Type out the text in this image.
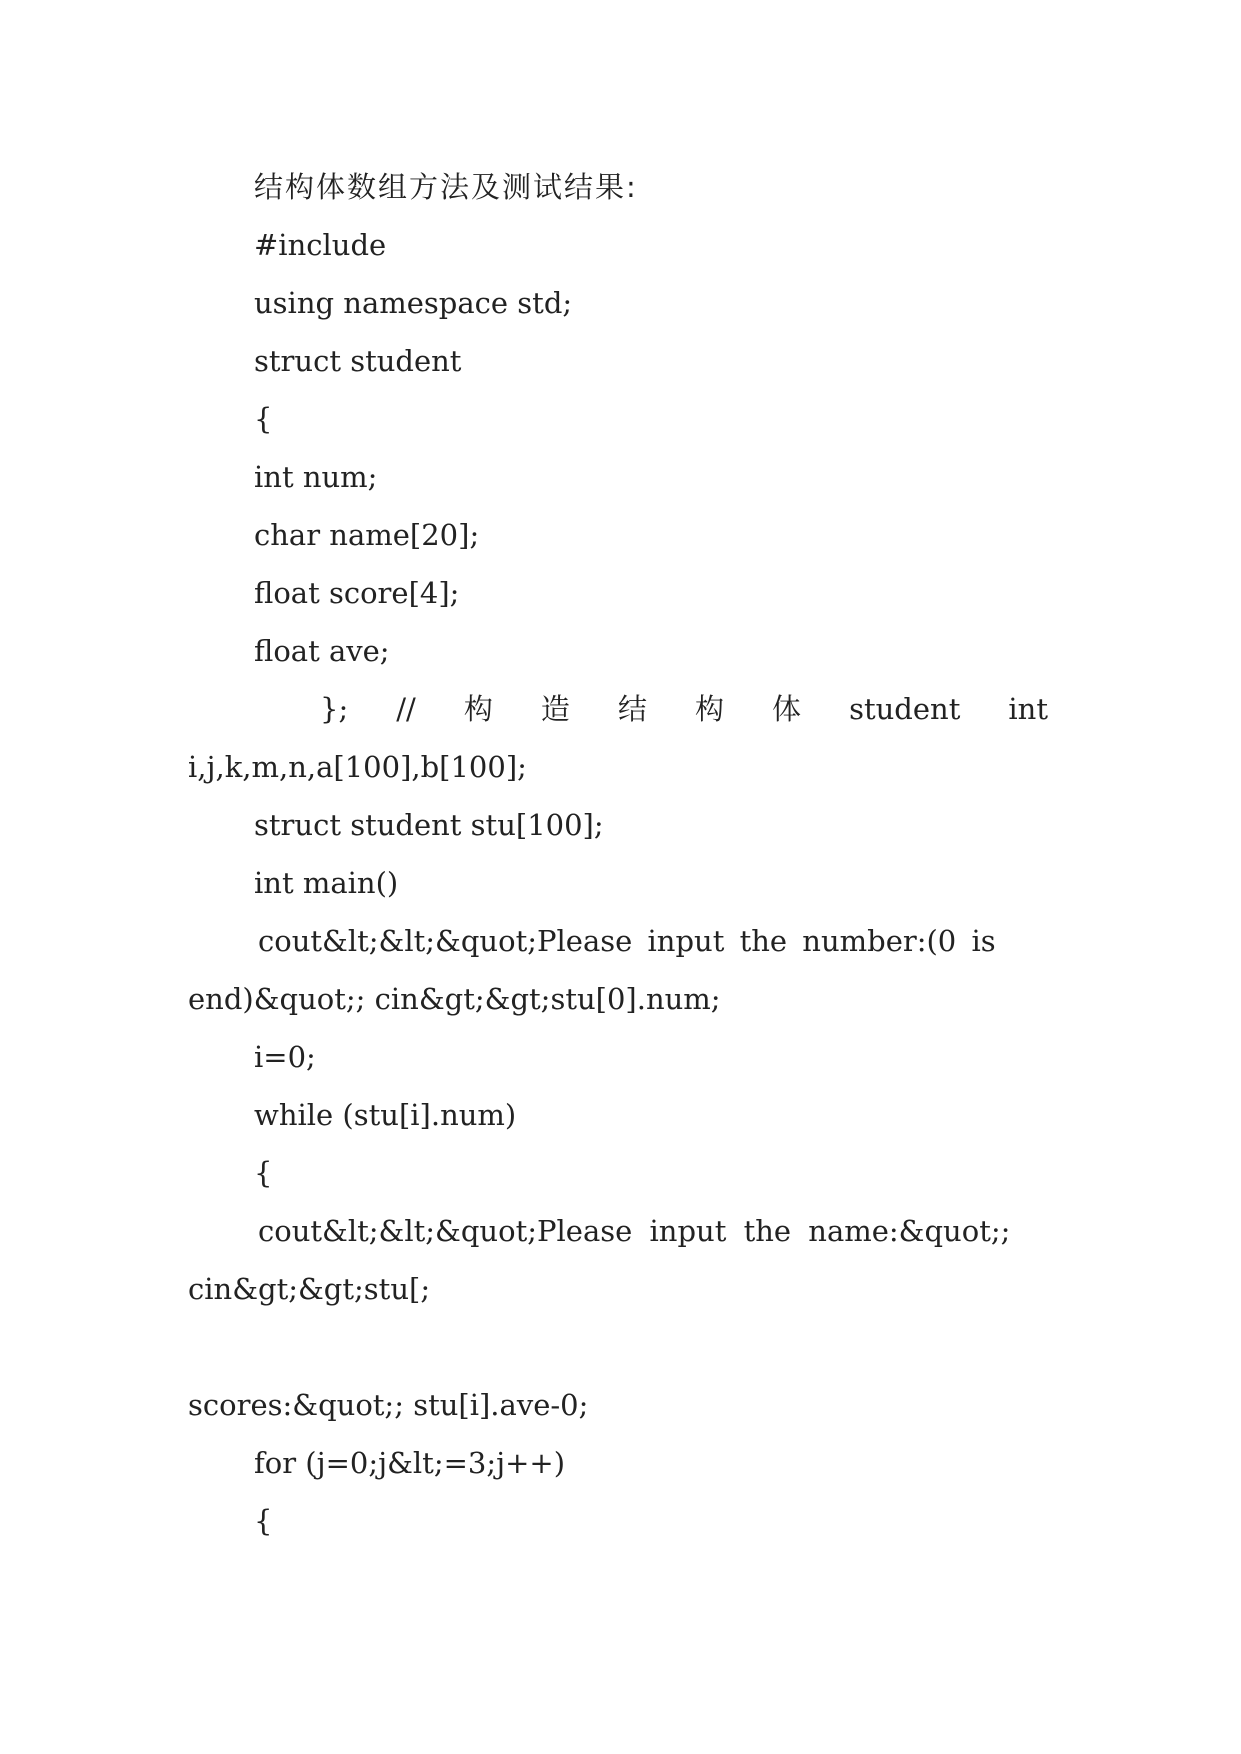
结构体数组方法及测试结果:
#include
using namespace std;
struct student
{
int num;
char name[20];
float score[4];
float ave;
}; // 构 造 结 构 体 student int
i,j,k,m,n,a[100],b[100];
struct student stu[100];
int main()
cout&lt;&lt;&quot;Please input the number:(0 is
end)&quot;; cin&gt;&gt;stu[0].num;
i=0;
while (stu[i].num)
{
cout&lt;&lt;&quot;Please input the name:&quot;;
cin&gt;&gt;stu[;

scores:&quot;; stu[i].ave-0;
for (j=0;j&lt;=3;j++)
{
